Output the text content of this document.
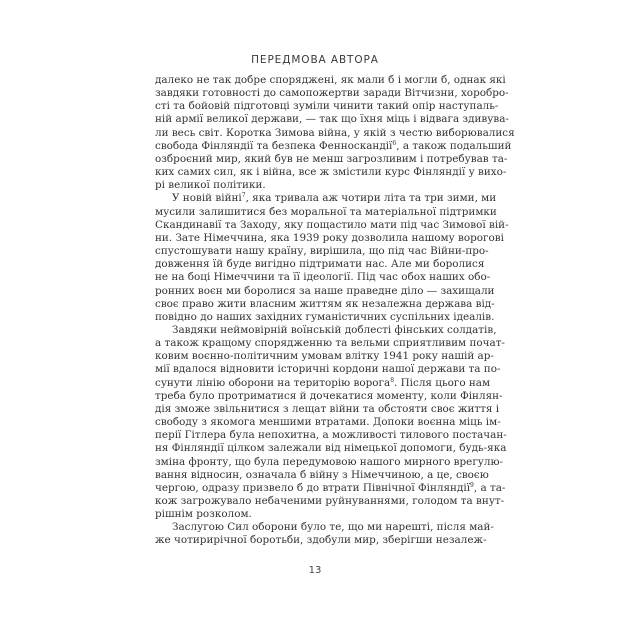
ПЕРЕДМОВА АВТОРА
далеко не так добре споряджені, як мали б і могли б, однак які
завдяки готовності до самопожертви заради Вітчизни, хоробро-
сті та бойовій підготовці зуміли чинити такий опір наступаль-
ній армії великої держави, — так що їхня міць і відвага здивува-
ли весь світ. Коротка Зимова війна, у якій з честю виборювалися
свобода Фінляндії та безпека Фенноскандії$^6$, а також подальший
озброєний мир, який був не менш загрозливим і потребував та-
ких самих сил, як і війна, все ж змістили курс Фінляндії у вихо-
рі великої політики.
У новій війні$^7$, яка тривала аж чотири літа та три зими, ми
мусили залишитися без моральної та матеріальної підтримки
Скандинавії та Заходу, яку пощастило мати під час Зимової вій-
ни. Зате Німеччина, яка 1939 року дозволила нашому ворогові
спустошувати нашу країну, вирішила, що під час Війни-про-
довження їй буде вигідно підтримати нас. Але ми боролися
не на боці Німеччини та її ідеології. Під час обох наших обо-
ронних воєн ми боролися за наше праведне діло — захищали
своє право жити власним життям як незалежна держава від-
повідно до наших західних гуманістичних суспільних ідеалів.
Завдяки неймовірній воїнській доблесті фінських солдатів,
а також кращому спорядженню та вельми сприятливим почат-
ковим воєнно-політичним умовам влітку 1941 року нашій ар-
мії вдалося відновити історичні кордони нашої держави та по-
сунути лінію оборони на територію ворога$^8$. Після цього нам
треба було протриматися й дочекатися моменту, коли Фінлян-
дія зможе звільнитися з лещат війни та обстояти своє життя і
свободу з якомога меншими втратами. Допоки воєнна міць ім-
перії Гітлера була непохитна, а можливості тилового постачан-
ня Фінляндії цілком залежали від німецької допомоги, будь-яка
зміна фронту, що була передумовою нашого мирного врегулю-
вання відносин, означала б війну з Німеччиною, а це, своєю
чергою, одразу призвело б до втрати Північної Фінляндії$^9$, а та-
кож загрожувало небаченими руйнуваннями, голодом та внут-
рішнім розколом.
Заслугою Сил оборони було те, що ми нарешті, після май-
же чотирирічної боротьби, здобули мир, зберігши незалеж-
13
